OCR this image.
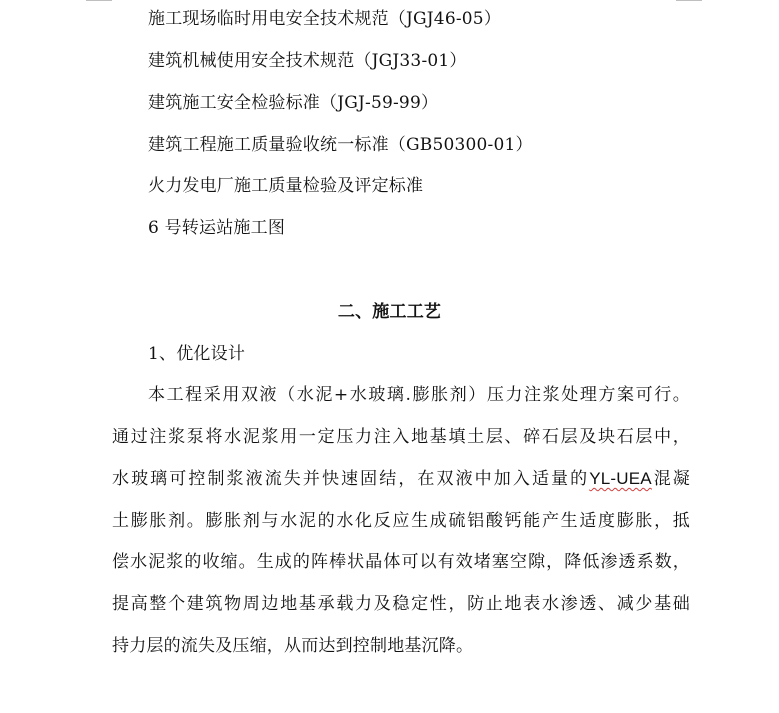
施工现场临时用电安全技术规范（JGJ46-05）
建筑机械使用安全技术规范（JGJ33-01）
建筑施工安全检验标准（JGJ-59-99）
建筑工程施工质量验收统一标准（GB50300-01）
火力发电厂施工质量检验及评定标准
6 号转运站施工图
二、施工工艺
1、优化设计
本工程采用双液（水泥+水玻璃.膨胀剂）压力注浆处理方案可行。
通过注浆泵将水泥浆用一定压力注入地基填土层、碎石层及块石层中，
水玻璃可控制浆液流失并快速固结，在双液中加入适量的YL-UEA混凝
土膨胀剂。膨胀剂与水泥的水化反应生成硫铝酸钙能产生适度膨胀，抵
偿水泥浆的收缩。生成的阵棒状晶体可以有效堵塞空隙，降低渗透系数，
提高整个建筑物周边地基承载力及稳定性，防止地表水渗透、减少基础
持力层的流失及压缩，从而达到控制地基沉降。
